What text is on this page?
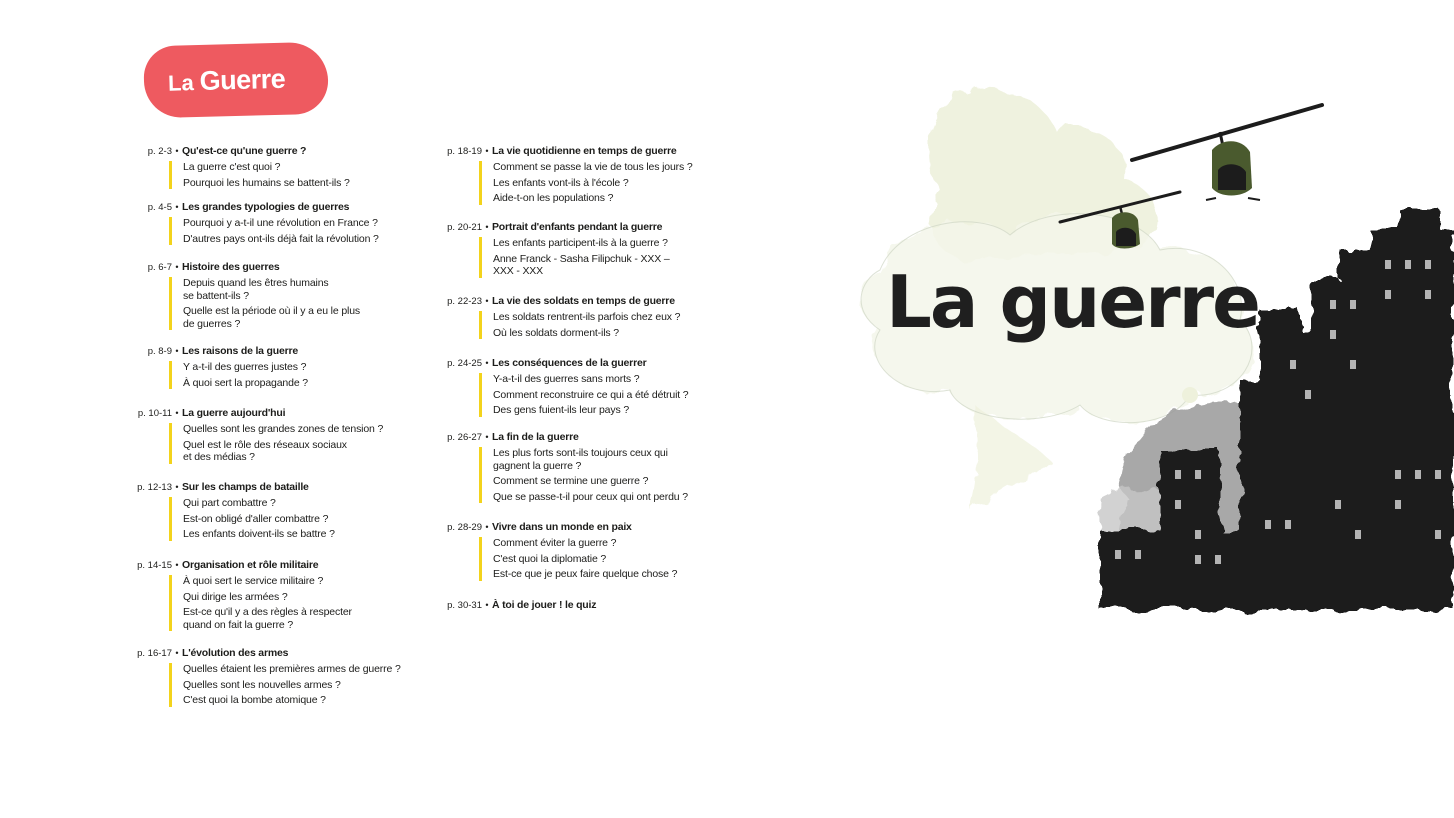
La Guerre
p. 2-3 • Qu'est-ce qu'une guerre ?
La guerre c'est quoi ?
Pourquoi les humains se battent-ils ?
p. 4-5 • Les grandes typologies de guerres
Pourquoi y a-t-il une révolution en France ?
D'autres pays ont-ils déjà fait la révolution ?
p. 6-7 • Histoire des guerres
Depuis quand les êtres humains
se battent-ils ?
Quelle est la période où il y a eu le plus
de guerres ?
p. 8-9 • Les raisons de la guerre
Y a-t-il des guerres justes ?
À quoi sert la propagande ?
p. 10-11 • La guerre aujourd'hui
Quelles sont les grandes zones de tension ?
Quel est le rôle des réseaux sociaux
et des médias ?
p. 12-13 • Sur les champs de bataille
Qui part combattre ?
Est-on obligé d'aller combattre ?
Les enfants doivent-ils se battre ?
p. 14-15 • Organisation et rôle militaire
À quoi sert le service militaire ?
Qui dirige les armées ?
Est-ce qu'il y a des règles à respecter
quand on fait la guerre ?
p. 16-17 • L'évolution des armes
Quelles étaient les premières armes de guerre ?
Quelles sont les nouvelles armes ?
C'est quoi la bombe atomique ?
p. 18-19 • La vie quotidienne en temps de guerre
Comment se passe la vie de tous les jours ?
Les enfants vont-ils à l'école ?
Aide-t-on les populations ?
p. 20-21 • Portrait d'enfants pendant la guerre
Les enfants participent-ils à la guerre ?
Anne Franck - Sasha Filipchuk - XXX –
XXX - XXX
p. 22-23 • La vie des soldats en temps de guerre
Les soldats rentrent-ils parfois chez eux ?
Où les soldats dorment-ils ?
p. 24-25 • Les conséquences de la guerrer
Y-a-t-il des guerres sans morts ?
Comment reconstruire ce qui a été détruit ?
Des gens fuient-ils leur pays ?
p. 26-27 • La fin de la guerre
Les plus forts sont-ils toujours ceux qui
gagnent la guerre ?
Comment se termine une guerre ?
Que se passe-t-il pour ceux qui ont perdu ?
p. 28-29 • Vivre dans un monde en paix
Comment éviter la guerre ?
C'est quoi la diplomatie ?
Est-ce que je peux faire quelque chose ?
p. 30-31 • À toi de jouer ! le quiz
La guerre
